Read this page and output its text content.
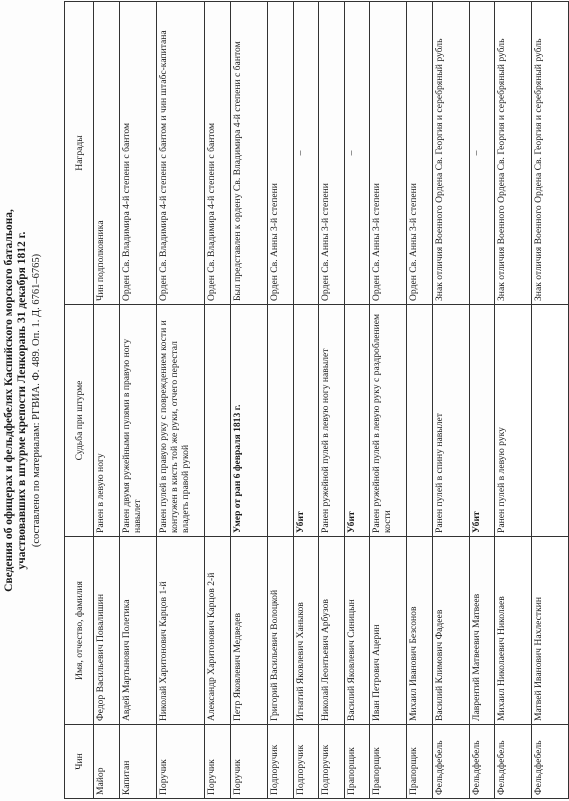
Сведения об офицерах и фельдфебелях Каспийского морского батальона, участвовавших в штурме крепости Ленкорань 31 декабря 1812 г. (составлено по материалам: РГВИА. Ф. 489. Оп. 1. Д. 6761–6765)
Чин	Имя, отчество, фамилия	Судьба при штурме	Награды
Майор	Федор Васильевич Повалишин	Ранен в левую ногу	Чин подполковника
Капитан	Авдей Мартынович Полетика	Ранен двумя ружейными пулями в правую ногу навылет	Орден Св. Владимира 4-й степени с бантом
Поручик	Николай Харитонович Карцов 1-й	Ранен пулей в правую руку с повреждением кости и контужен в кисть той же руки, отчего перестал владеть правой рукой	Орден Св. Владимира 4-й степени с бантом и чин штабс-капитана
Поручик	Александр Харитонович Карцов 2-й		Орден Св. Владимира 4-й степени с бантом
Поручик	Петр Яковлевич Медведев	Умер от ран 6 февраля 1813 г.	Был представлен к ордену Св. Владимира 4-й степени с бантом
Подпоручик	Григорий Васильевич Волоцкой		Орден Св. Анны 3-й степени
Подпоручик	Игнатий Яковлевич Ханыков	Убит	–
Подпоручик	Николай Леонтьевич Арбузов	Ранен ружейной пулей в левую ногу навылет	Орден Св. Анны 3-й степени
Прапорщик	Василий Яковлевич Синицын	Убит	–
Прапорщик	Иван Петрович Ацерин	Ранен ружейной пулей в левую руку с раздроблением кости	Орден Св. Анны 3-й степени
Прапорщик	Михаил Иванович Безсонов		Орден Св. Анны 3-й степени
Фельдфебель	Василий Климович Фадеев	Ранен пулей в спину навылет	Знак отличия Военного Ордена Св. Георгия и серебряный рубль
Фельдфебель	Лаврентий Матвеевич Матвеев	Убит	–
Фельдфебель	Михаил Николаевич Николаев	Ранен пулей в левую руку	Знак отличия Военного Ордена Св. Георгия и серебряный рубль
Фельдфебель	Матвей Иванович Нахлесткин		Знак отличия Военного Ордена Св. Георгия и серебряный рубль
